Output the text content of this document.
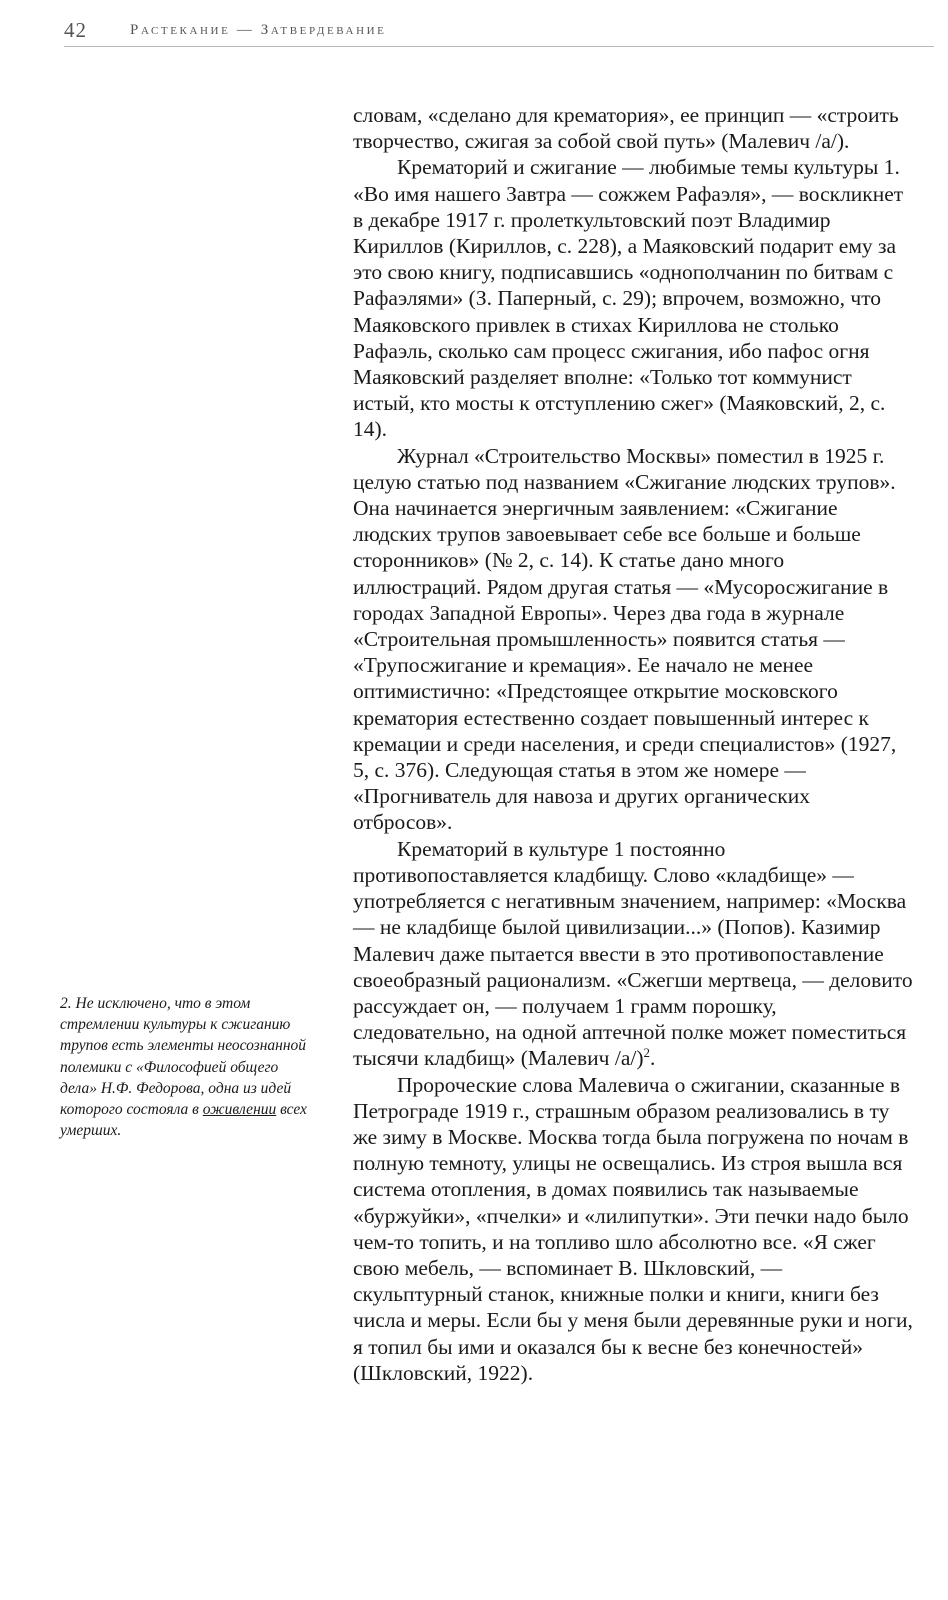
42	Растекание — Затвердевание

словам, «сделано для крематория», ее принцип — «строить творчество, сжигая за собой свой путь» (Малевич /а/).

Крематорий и сжигание — любимые темы культуры 1. «Во имя нашего Завтра — сожжем Рафаэля», — воскликнет в декабре 1917 г. пролеткультовский поэт Владимир Кириллов (Кириллов, с. 228), а Маяковский подарит ему за это свою книгу, подписавшись «однополчанин по битвам с Рафаэлями» (З. Паперный, с. 29); впрочем, возможно, что Маяковского привлек в стихах Кириллова не столько Рафаэль, сколько сам процесс сжигания, ибо пафос огня Маяковский разделяет вполне: «Только тот коммунист истый, кто мосты к отступлению сжег» (Маяковский, 2, с. 14).

Журнал «Строительство Москвы» поместил в 1925 г. целую статью под названием «Сжигание людских трупов». Она начинается энергичным заявлением: «Сжигание людских трупов завоевывает себе все больше и больше сторонников» (№ 2, с. 14). К статье дано много иллюстраций. Рядом другая статья — «Мусоросжигание в городах Западной Европы». Через два года в журнале «Строительная промышленность» появится статья — «Трупосжигание и кремация». Ее начало не менее оптимистично: «Предстоящее открытие московского крематория естественно создает повышенный интерес к кремации и среди населения, и среди специалистов» (1927, 5, с. 376). Следующая статья в этом же номере — «Прогниватель для навоза и других органических отбросов».

Крематорий в культуре 1 постоянно противопоставляется кладбищу. Слово «кладбище» — употребляется с негативным значением, например: «Москва — не кладбище былой цивилизации...» (Попов). Казимир Малевич даже пытается ввести в это противопоставление своеобразный рационализм. «Сжегши мертвеца, — деловито рассуждает он, — получаем 1 грамм порошку, следовательно, на одной аптечной полке может поместиться тысячи кладбищ» (Малевич /а/)$^2$.

Пророческие слова Малевича о сжигании, сказанные в Петрограде 1919 г., страшным образом реализовались в ту же зиму в Москве. Москва тогда была погружена по ночам в полную темноту, улицы не освещались. Из строя вышла вся система отопления, в домах появились так называемые «буржуйки», «пчелки» и «лилипутки». Эти печки надо было чем-то топить, и на топливо шло абсолютно все. «Я сжег свою мебель, — вспоминает В. Шкловский, — скульптурный станок, книжные полки и книги, книги без числа и меры. Если бы у меня были деревянные руки и ноги, я топил бы ими и оказался бы к весне без конечностей» (Шкловский, 1922).

2. Не исключено, что в этом стремлении культуры к сжиганию трупов есть элементы неосознанной полемики с «Философией общего дела» Н.Ф. Федорова, одна из идей которого состояла в оживлении всех умерших.
